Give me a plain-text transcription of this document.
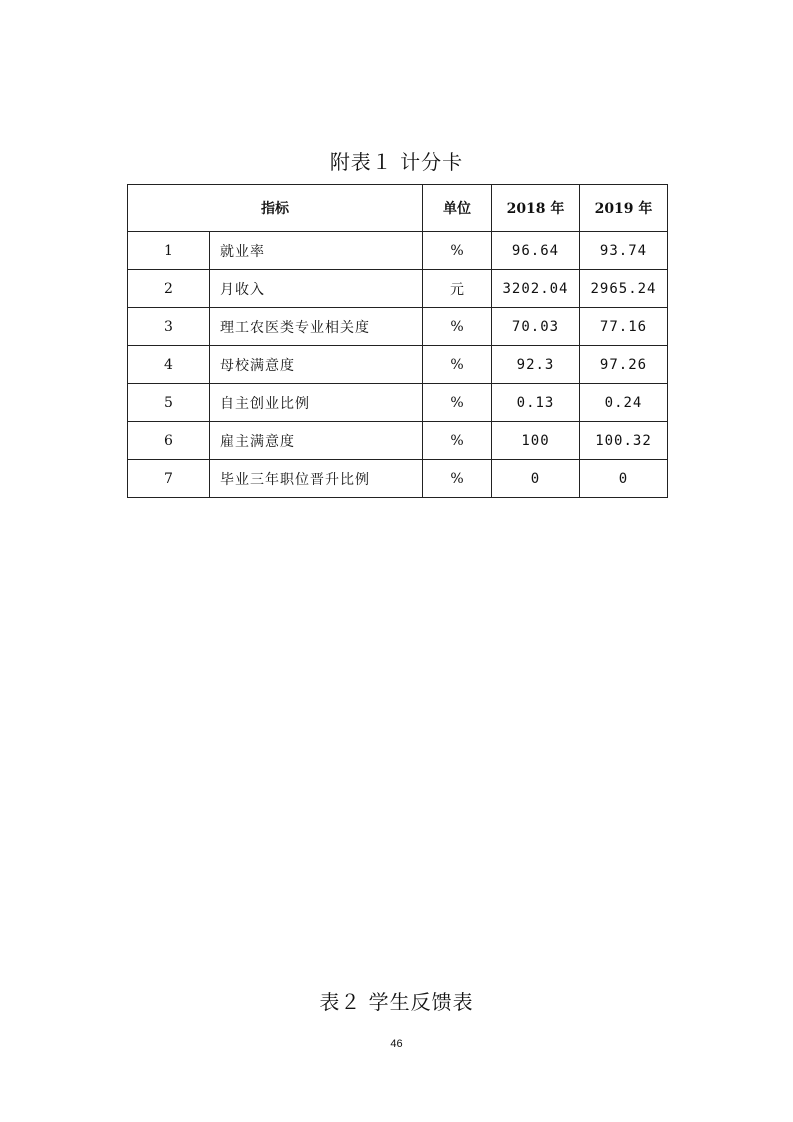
附表１ 计分卡
指标		单位	2018 年	2019 年
1	就业率	%	96.64	93.74
2	月收入	元	3202.04	2965.24
3	理工农医类专业相关度	%	70.03	77.16
4	母校满意度	%	92.3	97.26
5	自主创业比例	%	0.13	0.24
6	雇主满意度	%	100	100.32
7	毕业三年职位晋升比例	%	0	0
表２ 学生反馈表
46
